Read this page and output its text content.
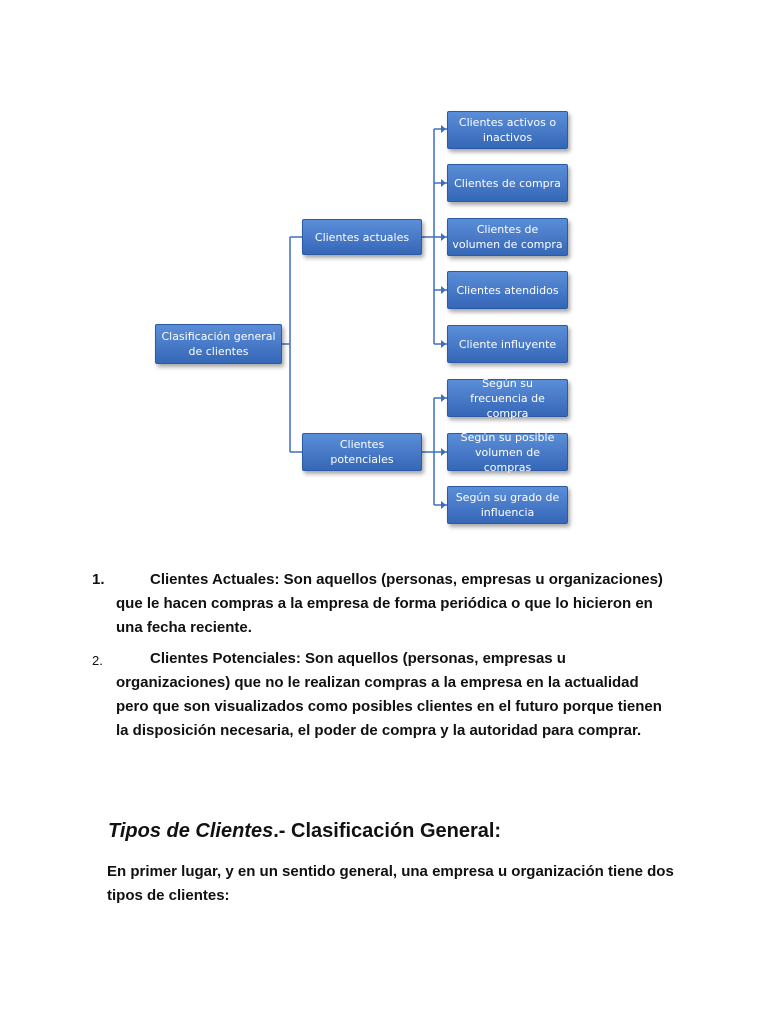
Clasificación general de clientes
Clientes actuales
Clientes potenciales
Clientes activos o inactivos
Clientes de compra
Clientes de volumen de compra
Clientes atendidos
Cliente influyente
Según su frecuencia de compra
Según su posible volumen de compras
Según su grado de influencia
1.	Clientes Actuales: Son aquellos (personas, empresas u organizaciones) que le hacen compras a la empresa de forma periódica o que lo hicieron en una fecha reciente.
2.	Clientes Potenciales: Son aquellos (personas, empresas u organizaciones) que no le realizan compras a la empresa en la actualidad pero que son visualizados como posibles clientes en el futuro porque tienen la disposición necesaria, el poder de compra y la autoridad para comprar.
Tipos de Clientes.- Clasificación General:
En primer lugar, y en un sentido general, una empresa u organización tiene dos tipos de clientes:
